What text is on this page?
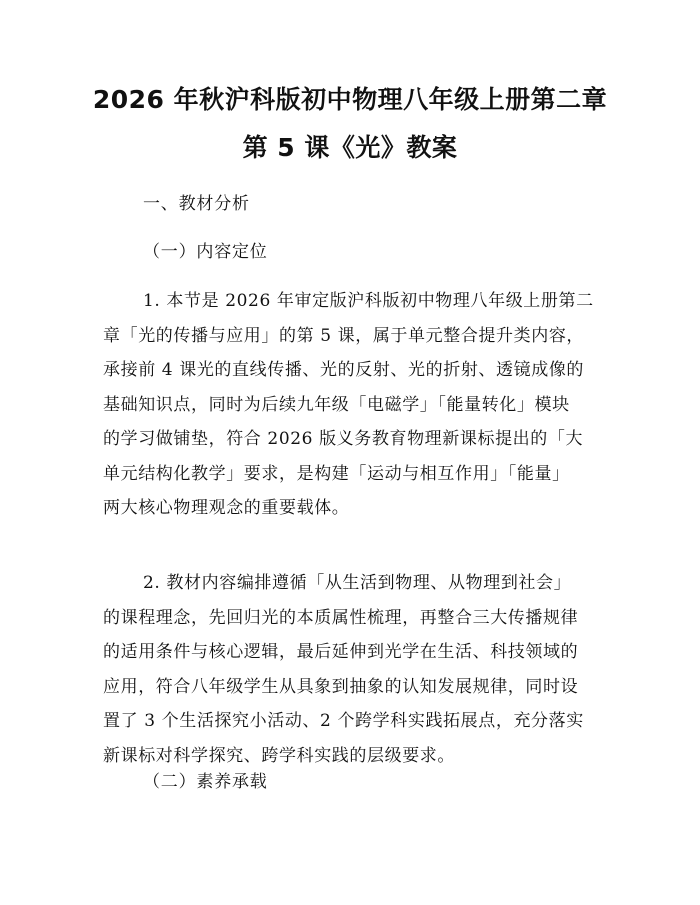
2026 年秋沪科版初中物理八年级上册第二章
第 5 课《光》教案
一、教材分析
（一）内容定位
1. 本节是 2026 年审定版沪科版初中物理八年级上册第二
章「光的传播与应用」的第 5 课，属于单元整合提升类内容，
承接前 4 课光的直线传播、光的反射、光的折射、透镜成像的
基础知识点，同时为后续九年级「电磁学」「能量转化」模块
的学习做铺垫，符合 2026 版义务教育物理新课标提出的「大
单元结构化教学」要求，是构建「运动与相互作用」「能量」
两大核心物理观念的重要载体。
2. 教材内容编排遵循「从生活到物理、从物理到社会」
的课程理念，先回归光的本质属性梳理，再整合三大传播规律
的适用条件与核心逻辑，最后延伸到光学在生活、科技领域的
应用，符合八年级学生从具象到抽象的认知发展规律，同时设
置了 3 个生活探究小活动、2 个跨学科实践拓展点，充分落实
新课标对科学探究、跨学科实践的层级要求。
（二）素养承载
